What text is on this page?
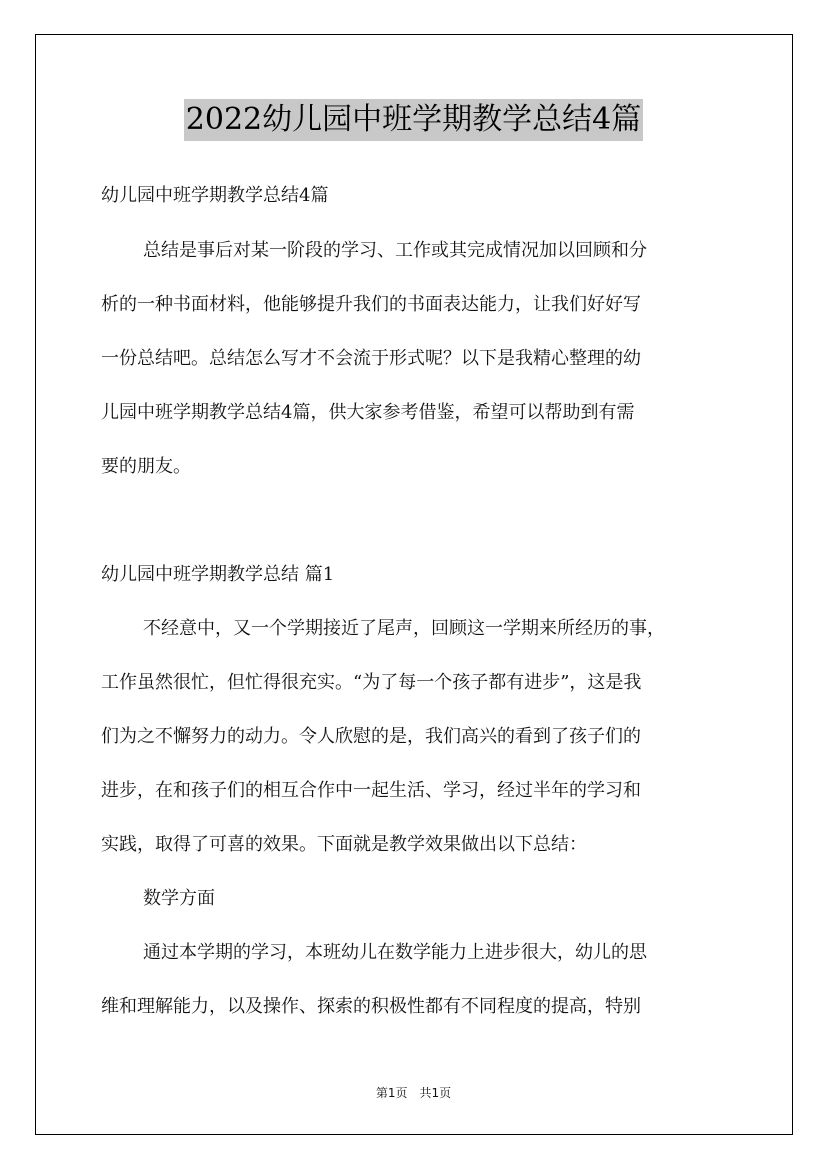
2022幼儿园中班学期教学总结4篇
幼儿园中班学期教学总结4篇
总结是事后对某一阶段的学习、工作或其完成情况加以回顾和分
析的一种书面材料，他能够提升我们的书面表达能力，让我们好好写
一份总结吧。总结怎么写才不会流于形式呢？以下是我精心整理的幼
儿园中班学期教学总结4篇，供大家参考借鉴，希望可以帮助到有需
要的朋友。
幼儿园中班学期教学总结 篇1
不经意中，又一个学期接近了尾声，回顾这一学期来所经历的事，
工作虽然很忙，但忙得很充实。“为了每一个孩子都有进步”，这是我
们为之不懈努力的动力。令人欣慰的是，我们高兴的看到了孩子们的
进步，在和孩子们的相互合作中一起生活、学习，经过半年的学习和
实践，取得了可喜的效果。下面就是教学效果做出以下总结：
数学方面
通过本学期的学习，本班幼儿在数学能力上进步很大，幼儿的思
维和理解能力，以及操作、探索的积极性都有不同程度的提高，特别
第1页　共1页
